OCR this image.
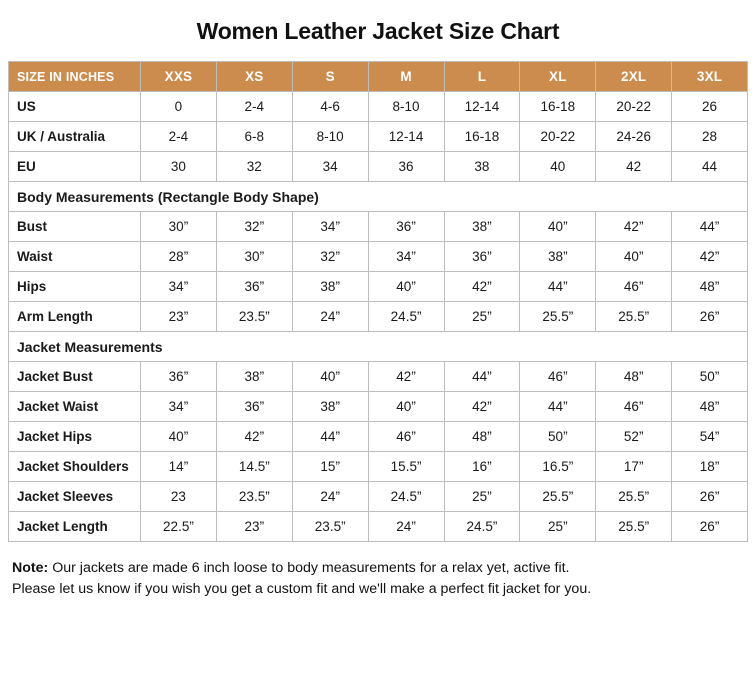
Women Leather Jacket Size Chart
SIZE IN INCHES	XXS	XS	S	M	L	XL	2XL	3XL
US	0	2-4	4-6	8-10	12-14	16-18	20-22	26
UK / Australia	2-4	6-8	8-10	12-14	16-18	20-22	24-26	28
EU	30	32	34	36	38	40	42	44
Body Measurements (Rectangle Body Shape)								
Bust	30”	32”	34”	36”	38”	40”	42”	44”
Waist	28”	30”	32”	34”	36”	38”	40”	42”
Hips	34”	36”	38”	40”	42”	44”	46”	48”
Arm Length	23”	23.5”	24”	24.5”	25”	25.5”	25.5”	26”
Jacket Measurements								
Jacket Bust	36”	38”	40”	42”	44”	46”	48”	50”
Jacket Waist	34”	36”	38”	40”	42”	44”	46”	48”
Jacket Hips	40”	42”	44”	46”	48”	50”	52”	54”
Jacket Shoulders	14”	14.5”	15”	15.5”	16”	16.5”	17”	18”
Jacket Sleeves	23	23.5”	24”	24.5”	25”	25.5”	25.5”	26”
Jacket Length	22.5”	23”	23.5”	24”	24.5”	25”	25.5”	26”
Note: Our jackets are made 6 inch loose to body measurements for a relax yet, active fit.
Please let us know if you wish you get a custom fit and we'll make a perfect fit jacket for you.
